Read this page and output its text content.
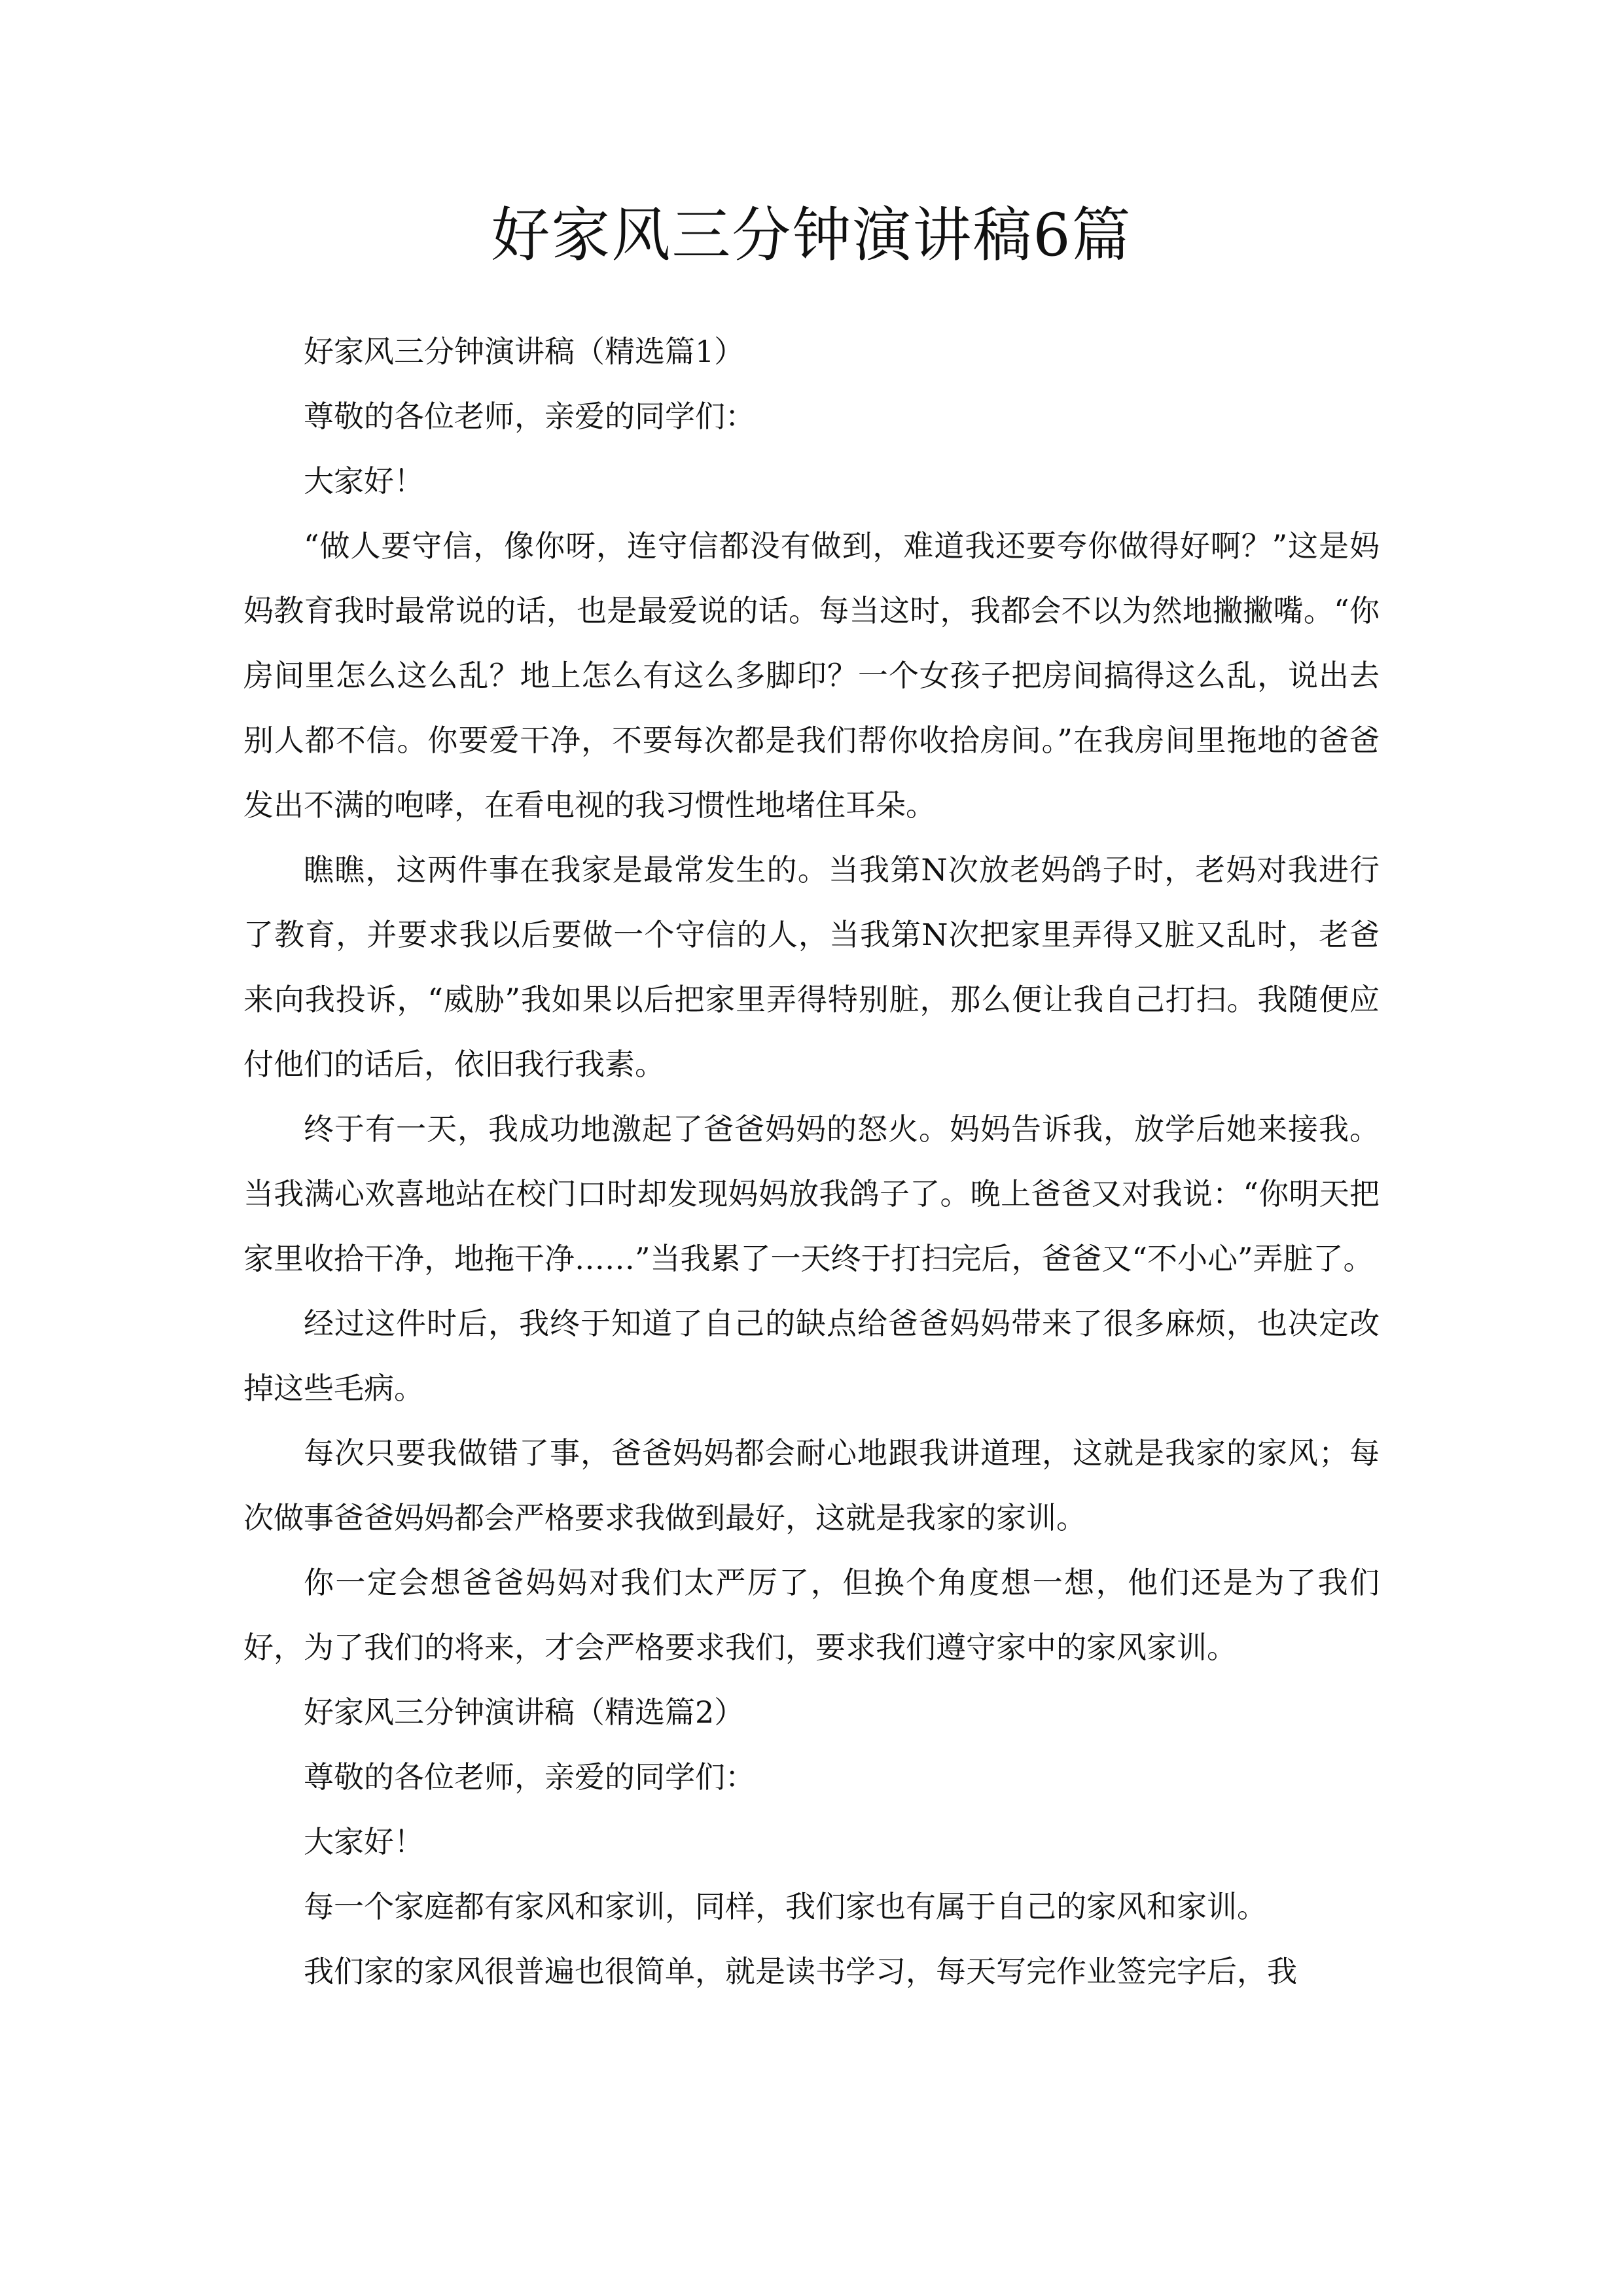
好家风三分钟演讲稿6篇

好家风三分钟演讲稿（精选篇1）

尊敬的各位老师，亲爱的同学们：

大家好！

“做人要守信，像你呀，连守信都没有做到，难道我还要夸你做得好啊？”这是妈妈教育我时最常说的话，也是最爱说的话。每当这时，我都会不以为然地撇撇嘴。“你房间里怎么这么乱？地上怎么有这么多脚印？一个女孩子把房间搞得这么乱，说出去别人都不信。你要爱干净，不要每次都是我们帮你收拾房间。”在我房间里拖地的爸爸发出不满的咆哮，在看电视的我习惯性地堵住耳朵。

瞧瞧，这两件事在我家是最常发生的。当我第N次放老妈鸽子时，老妈对我进行了教育，并要求我以后要做一个守信的人，当我第N次把家里弄得又脏又乱时，老爸来向我投诉，“威胁”我如果以后把家里弄得特别脏，那么便让我自己打扫。我随便应付他们的话后，依旧我行我素。

终于有一天，我成功地激起了爸爸妈妈的怒火。妈妈告诉我，放学后她来接我。当我满心欢喜地站在校门口时却发现妈妈放我鸽子了。晚上爸爸又对我说：“你明天把家里收拾干净，地拖干净……”当我累了一天终于打扫完后，爸爸又“不小心”弄脏了。

经过这件时后，我终于知道了自己的缺点给爸爸妈妈带来了很多麻烦，也决定改掉这些毛病。

每次只要我做错了事，爸爸妈妈都会耐心地跟我讲道理，这就是我家的家风；每次做事爸爸妈妈都会严格要求我做到最好，这就是我家的家训。

你一定会想爸爸妈妈对我们太严厉了，但换个角度想一想，他们还是为了我们好，为了我们的将来，才会严格要求我们，要求我们遵守家中的家风家训。

好家风三分钟演讲稿（精选篇2）

尊敬的各位老师，亲爱的同学们：

大家好！

每一个家庭都有家风和家训，同样，我们家也有属于自己的家风和家训。

我们家的家风很普遍也很简单，就是读书学习，每天写完作业签完字后，我
